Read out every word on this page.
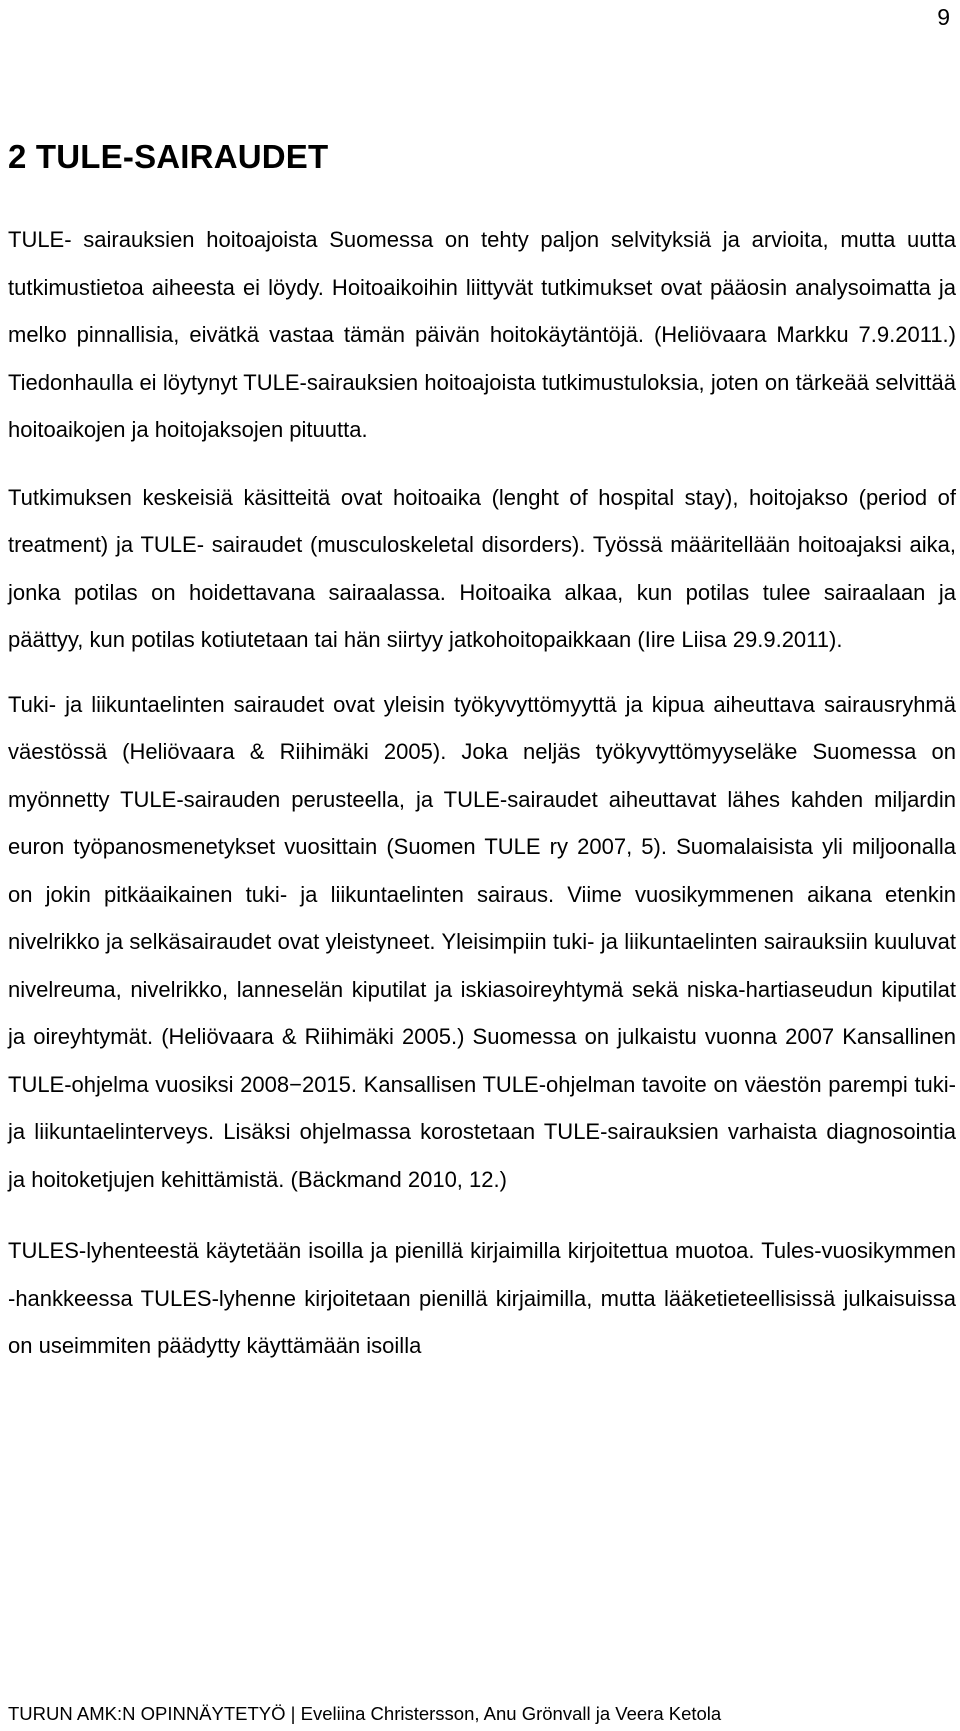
9
2 TULE-SAIRAUDET

TULE- sairauksien hoitoajoista Suomessa on tehty paljon selvityksiä ja arvioita, mutta uutta tutkimustietoa aiheesta ei löydy. Hoitoaikoihin liittyvät tutkimukset ovat pääosin analysoimatta ja melko pinnallisia, eivätkä vastaa tämän päivän hoitokäytäntöjä. (Heliövaara Markku 7.9.2011.) Tiedonhaulla ei löytynyt TULE-sairauksien hoitoajoista tutkimustuloksia, joten on tärkeää selvittää hoitoaikojen ja hoitojaksojen pituutta.

Tutkimuksen keskeisiä käsitteitä ovat hoitoaika (lenght of hospital stay), hoitojakso (period of treatment) ja TULE- sairaudet (musculoskeletal disorders). Työssä määritellään hoitoajaksi aika, jonka potilas on hoidettavana sairaalassa. Hoitoaika alkaa, kun potilas tulee sairaalaan ja päättyy, kun potilas kotiutetaan tai hän siirtyy jatkohoitopaikkaan (Iire Liisa 29.9.2011).

Tuki- ja liikuntaelinten sairaudet ovat yleisin työkyvyttömyyttä ja kipua aiheuttava sairausryhmä väestössä (Heliövaara & Riihimäki 2005). Joka neljäs työkyvyttömyyseläke Suomessa on myönnetty TULE-sairauden perusteella, ja TULE-sairaudet aiheuttavat lähes kahden miljardin euron työpanosmenetykset vuosittain (Suomen TULE ry 2007, 5). Suomalaisista yli miljoonalla on jokin pitkäaikainen tuki- ja liikuntaelinten sairaus. Viime vuosikymmenen aikana etenkin nivelrikko ja selkäsairaudet ovat yleistyneet. Yleisimpiin tuki- ja liikuntaelinten sairauksiin kuuluvat nivelreuma, nivelrikko, lanneselän kiputilat ja iskiasoireyhtymä sekä niska-hartiaseudun kiputilat ja oireyhtymät. (Heliövaara & Riihimäki 2005.) Suomessa on julkaistu vuonna 2007 Kansallinen TULE-ohjelma vuosiksi 2008−2015. Kansallisen TULE-ohjelman tavoite on väestön parempi tuki- ja liikuntaelinterveys. Lisäksi ohjelmassa korostetaan TULE-sairauksien varhaista diagnosointia ja hoitoketjujen kehittämistä. (Bäckmand 2010, 12.)

TULES-lyhenteestä käytetään isoilla ja pienillä kirjaimilla kirjoitettua muotoa. Tules-vuosikymmen -hankkeessa TULES-lyhenne kirjoitetaan pienillä kirjaimilla, mutta lääketieteellisissä julkaisuissa on useimmiten päädytty käyttämään isoilla

TURUN AMK:N OPINNÄYTETYÖ | Eveliina Christersson, Anu Grönvall ja Veera Ketola
